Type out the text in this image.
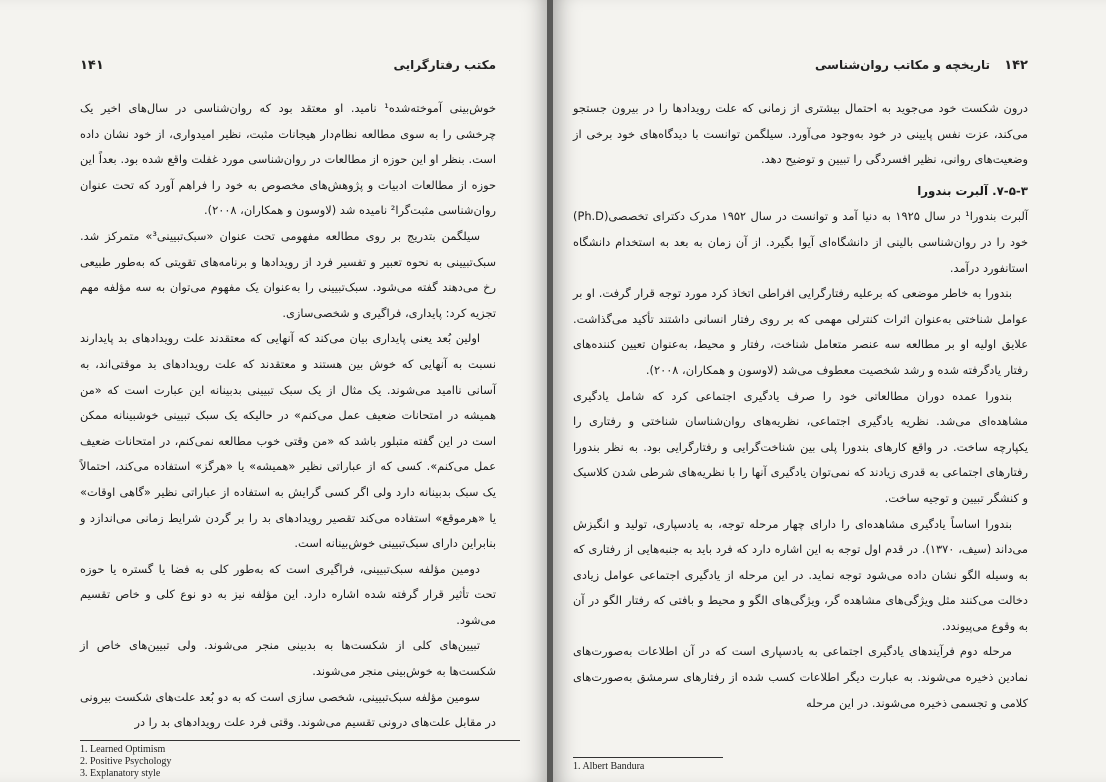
۱۴۱	مکتب رفتارگرایی

خوش‌بینی آموخته‌شده¹ نامید. او معتقد بود که روان‌شناسی در سال‌های اخیر یک چرخشی را به سوی مطالعه نظام‌دار هیجانات مثبت، نظیر امیدواری، از خود نشان داده است. بنظر او این حوزه از مطالعات در روان‌شناسی مورد غفلت واقع شده بود. بعداً این حوزه از مطالعات ادبیات و پژوهش‌های مخصوص به خود را فراهم آورد که تحت عنوان روان‌شناسی مثبت‌گرا² نامیده شد (لاوسون و همکاران، ۲۰۰۸).

سیلگمن بتدریج بر روی مطالعه مفهومی تحت عنوان «سبک‌تبیینی³» متمرکز شد. سبک‌تبیینی به نحوه تعبیر و تفسیر فرد از رویدادها و برنامه‌های تقویتی که به‌طور طبیعی رخ می‌دهند گفته می‌شود. سبک‌تبیینی را به‌عنوان یک مفهوم می‌توان به سه مؤلفه مهم تجزیه کرد: پایداری، فراگیری و شخصی‌سازی.

اولین بُعد یعنی پایداری بیان می‌کند که آنهایی که معتقدند علت رویدادهای بد پایدارند نسبت به آنهایی که خوش بین هستند و معتقدند که علت رویدادهای بد موقتی‌اند، به آسانی ناامید می‌شوند. یک مثال از یک سبک تبیینی بدبینانه این عبارت است که «من همیشه در امتحانات ضعیف عمل می‌کنم» در حالیکه یک سبک تبیینی خوشبینانه ممکن است در این گفته متبلور باشد که «من وقتی خوب مطالعه نمی‌کنم، در امتحانات ضعیف عمل می‌کنم». کسی که از عباراتی نظیر «همیشه» یا «هرگز» استفاده می‌کند، احتمالاً یک سبک بدبینانه دارد ولی اگر کسی گرایش به استفاده از عباراتی نظیر «گاهی اوقات» یا «هرموقع» استفاده می‌کند تقصیر رویدادهای بد را بر گردن شرایط زمانی می‌اندازد و بنابراین دارای سبک‌تبیینی خوش‌بینانه است.

دومین مؤلفه سبک‌تبیینی، فراگیری است که به‌طور کلی به فضا یا گستره یا حوزه تحت تأثیر قرار گرفته شده اشاره دارد. این مؤلفه نیز به دو نوع کلی و خاص تقسیم می‌شود.

تبیین‌های کلی از شکست‌ها به بدبینی منجر می‌شوند. ولی تبیین‌های خاص از شکست‌ها به خوش‌بینی منجر می‌شوند.

سومین مؤلفه سبک‌تبیینی، شخصی سازی است که به دو بُعد علت‌های شکست بیرونی در مقابل علت‌های درونی تقسیم می‌شوند. وقتی فرد علت رویدادهای بد را در

1. Learned Optimism
2. Positive Psychology
3. Explanatory style
۱۴۲
تاریخچه و مکاتب روان‌شناسی

درون شکست خود می‌جوید به احتمال بیشتری از زمانی که علت رویدادها را در بیرون جستجو می‌کند، عزت نفس پایینی در خود به‌وجود می‌آورد. سیلگمن توانست با دیدگاه‌های خود برخی از وضعیت‌های روانی، نظیر افسردگی را تبیین و توضیح دهد.

۷-۵-۳. آلبرت بندورا

آلبرت بندورا¹ در سال ۱۹۲۵ به دنیا آمد و توانست در سال ۱۹۵۲ مدرک دکترای تخصصی(Ph.D) خود را در روان‌شناسی بالینی از دانشگاه‌ای آیوا بگیرد. از آن زمان به بعد به استخدام دانشگاه استانفورد درآمد.

بندورا به خاطر موضعی که برعلیه رفتارگرایی افراطی اتخاذ کرد مورد توجه قرار گرفت. او بر عوامل شناختی به‌عنوان اثرات کنترلی مهمی که بر روی رفتار انسانی داشتند تأکید می‌گذاشت. علایق اولیه او بر مطالعه سه عنصر متعامل شناخت، رفتار و محیط، به‌عنوان تعیین کننده‌های رفتار یادگرفته شده و رشد شخصیت معطوف می‌شد (لاوسون و همکاران، ۲۰۰۸).

بندورا عمده دوران مطالعاتی خود را صرف یادگیری اجتماعی کرد که شامل یادگیری مشاهده‌ای می‌شد. نظریه یادگیری اجتماعی، نظریه‌های روان‌شناسان شناختی و رفتاری را یکپارچه ساخت. در واقع کارهای بندورا پلی بین شناخت‌گرایی و رفتارگرایی بود. به نظر بندورا رفتارهای اجتماعی به قدری زیادند که نمی‌توان یادگیری آنها را با نظریه‌های شرطی شدن کلاسیک و کنشگر تبیین و توجیه ساخت.

بندورا اساساً یادگیری مشاهده‌ای را دارای چهار مرحله توجه، به یادسپاری، تولید و انگیزش می‌داند (سیف، ۱۳۷۰). در قدم اول توجه به این اشاره دارد که فرد باید به جنبه‌هایی از رفتاری که به وسیله الگو نشان داده می‌شود توجه نماید. در این مرحله از یادگیری اجتماعی عوامل زیادی دخالت می‌کنند مثل ویژگی‌های مشاهده گر، ویژگی‌های الگو و محیط و بافتی که رفتار الگو در آن به وقوع می‌پیوندد.

مرحله دوم فرآیندهای یادگیری اجتماعی به یادسپاری است که در آن اطلاعات به‌صورت‌های نمادین ذخیره می‌شوند. به عبارت دیگر اطلاعات کسب شده از رفتارهای سرمشق به‌صورت‌های کلامی و تجسمی ذخیره می‌شوند. در این مرحله

1. Albert Bandura
